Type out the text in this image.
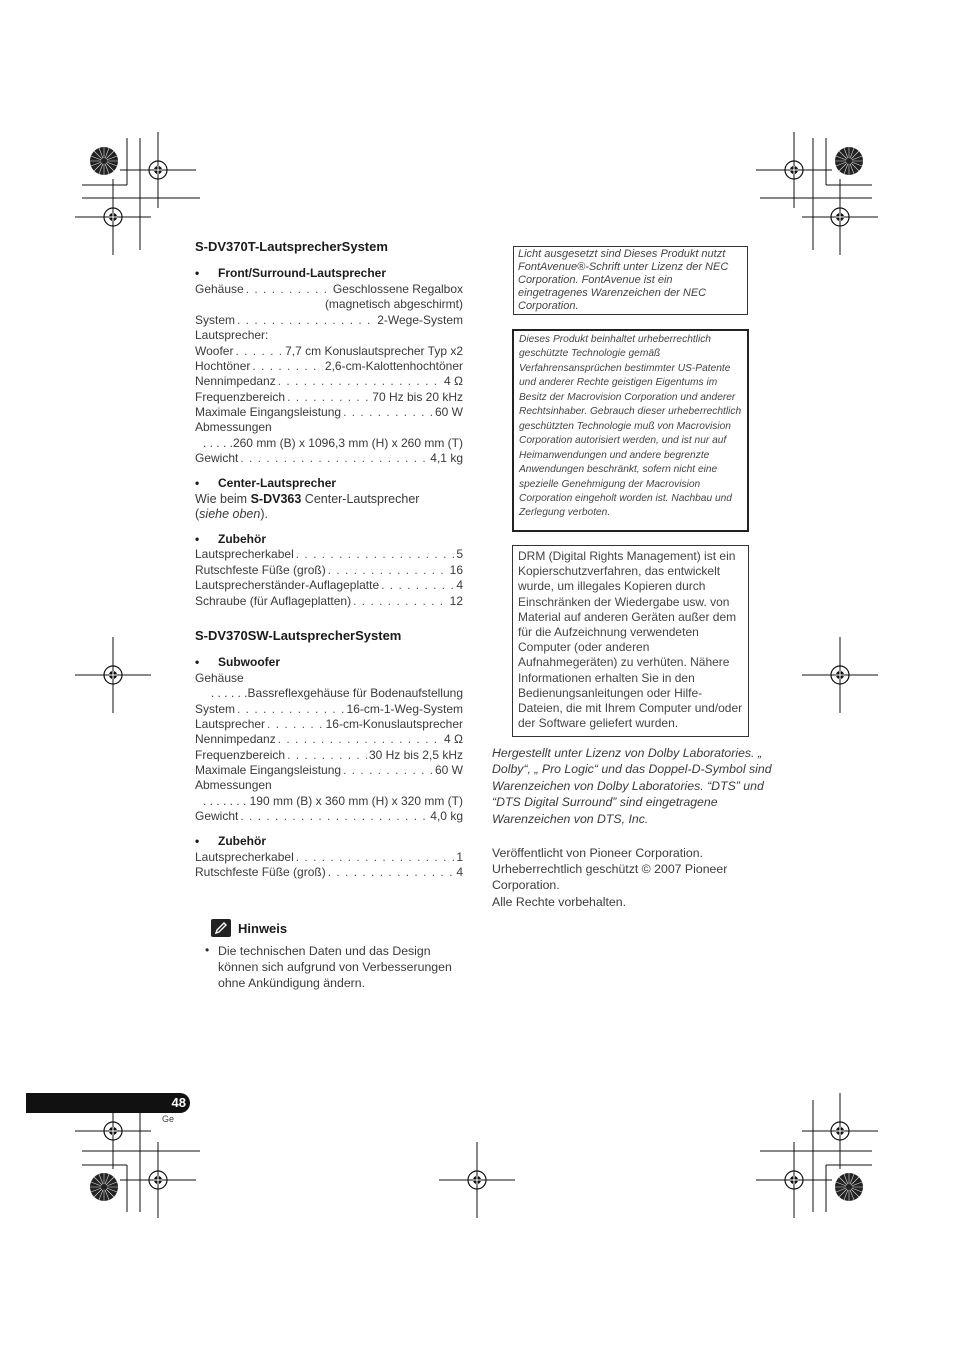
S-DV370T-LautsprecherSystem
• Front/Surround-Lautsprecher
Gehäuse . . .	Geschlossene Regalbox
(magnetisch abgeschirmt)
System . . .	2-Wege-System
Lautsprecher:
Woofer . . .	7,7 cm Konuslautsprecher Typ x2
Hochtöner . . .	2,6-cm-Kalottenhochtöner
Nennimpedanz . . .	4 Ω
Frequenzbereich . . .	70 Hz bis 20 kHz
Maximale Eingangsleistung . . .	60 W
Abmessungen
. . . . .260 mm (B) x 1096,3 mm (H) x 260 mm (T)
Gewicht . . .	4,1 kg
• Center-Lautsprecher
Wie beim S-DV363 Center-Lautsprecher
(siehe oben).
• Zubehör
Lautsprecherkabel . . .	5
Rutschfeste Füße (groß) . . .	16
Lautsprecherständer-Auflageplatte . . .	4
Schraube (für Auflageplatten) . . .	12
S-DV370SW-LautsprecherSystem
• Subwoofer
Gehäuse
. . . . . .Bassreflexgehäuse für Bodenaufstellung
System . . .	16-cm-1-Weg-System
Lautsprecher . . .	16-cm-Konuslautsprecher
Nennimpedanz . . .	4 Ω
Frequenzbereich . . .	30 Hz bis 2,5 kHz
Maximale Eingangsleistung . . .	60 W
Abmessungen
. . . . . . . 190 mm (B) x 360 mm (H) x 320 mm (T)
Gewicht . . .	4,0 kg
• Zubehör
Lautsprecherkabel . . .	1
Rutschfeste Füße (groß) . . .	4
Hinweis
• Die technischen Daten und das Design können sich aufgrund von Verbesserungen ohne Ankündigung ändern.
Licht ausgesetzt sind Dieses Produkt nutzt FontAvenue®-Schrift unter Lizenz der NEC Corporation. FontAvenue ist ein eingetragenes Warenzeichen der NEC Corporation.
Dieses Produkt beinhaltet urheberrechtlich geschützte Technologie gemäß Verfahrensansprüchen bestimmter US-Patente und anderer Rechte geistigen Eigentums im Besitz der Macrovision Corporation und anderer Rechtsinhaber. Gebrauch dieser urheberrechtlich geschützten Technologie muß von Macrovision Corporation autorisiert werden, und ist nur auf Heimanwendungen und andere begrenzte Anwendungen beschränkt, sofern nicht eine spezielle Genehmigung der Macrovision Corporation eingeholt worden ist. Nachbau und Zerlegung verboten.
DRM (Digital Rights Management) ist ein Kopierschutzverfahren, das entwickelt wurde, um illegales Kopieren durch Einschränken der Wiedergabe usw. von Material auf anderen Geräten außer dem für die Aufzeichnung verwendeten Computer (oder anderen Aufnahmegeräten) zu verhüten. Nähere Informationen erhalten Sie in den Bedienungsanleitungen oder Hilfe-Dateien, die mit Ihrem Computer und/oder der Software geliefert wurden.
Hergestellt unter Lizenz von Dolby Laboratories. „ Dolby“, „ Pro Logic“ und das Doppel-D-Symbol sind Warenzeichen von Dolby Laboratories. “DTS” und “DTS Digital Surround” sind eingetragene Warenzeichen von DTS, Inc.
Veröffentlicht von Pioneer Corporation.
Urheberrechtlich geschützt © 2007 Pioneer Corporation.
Alle Rechte vorbehalten.
48
Ge
